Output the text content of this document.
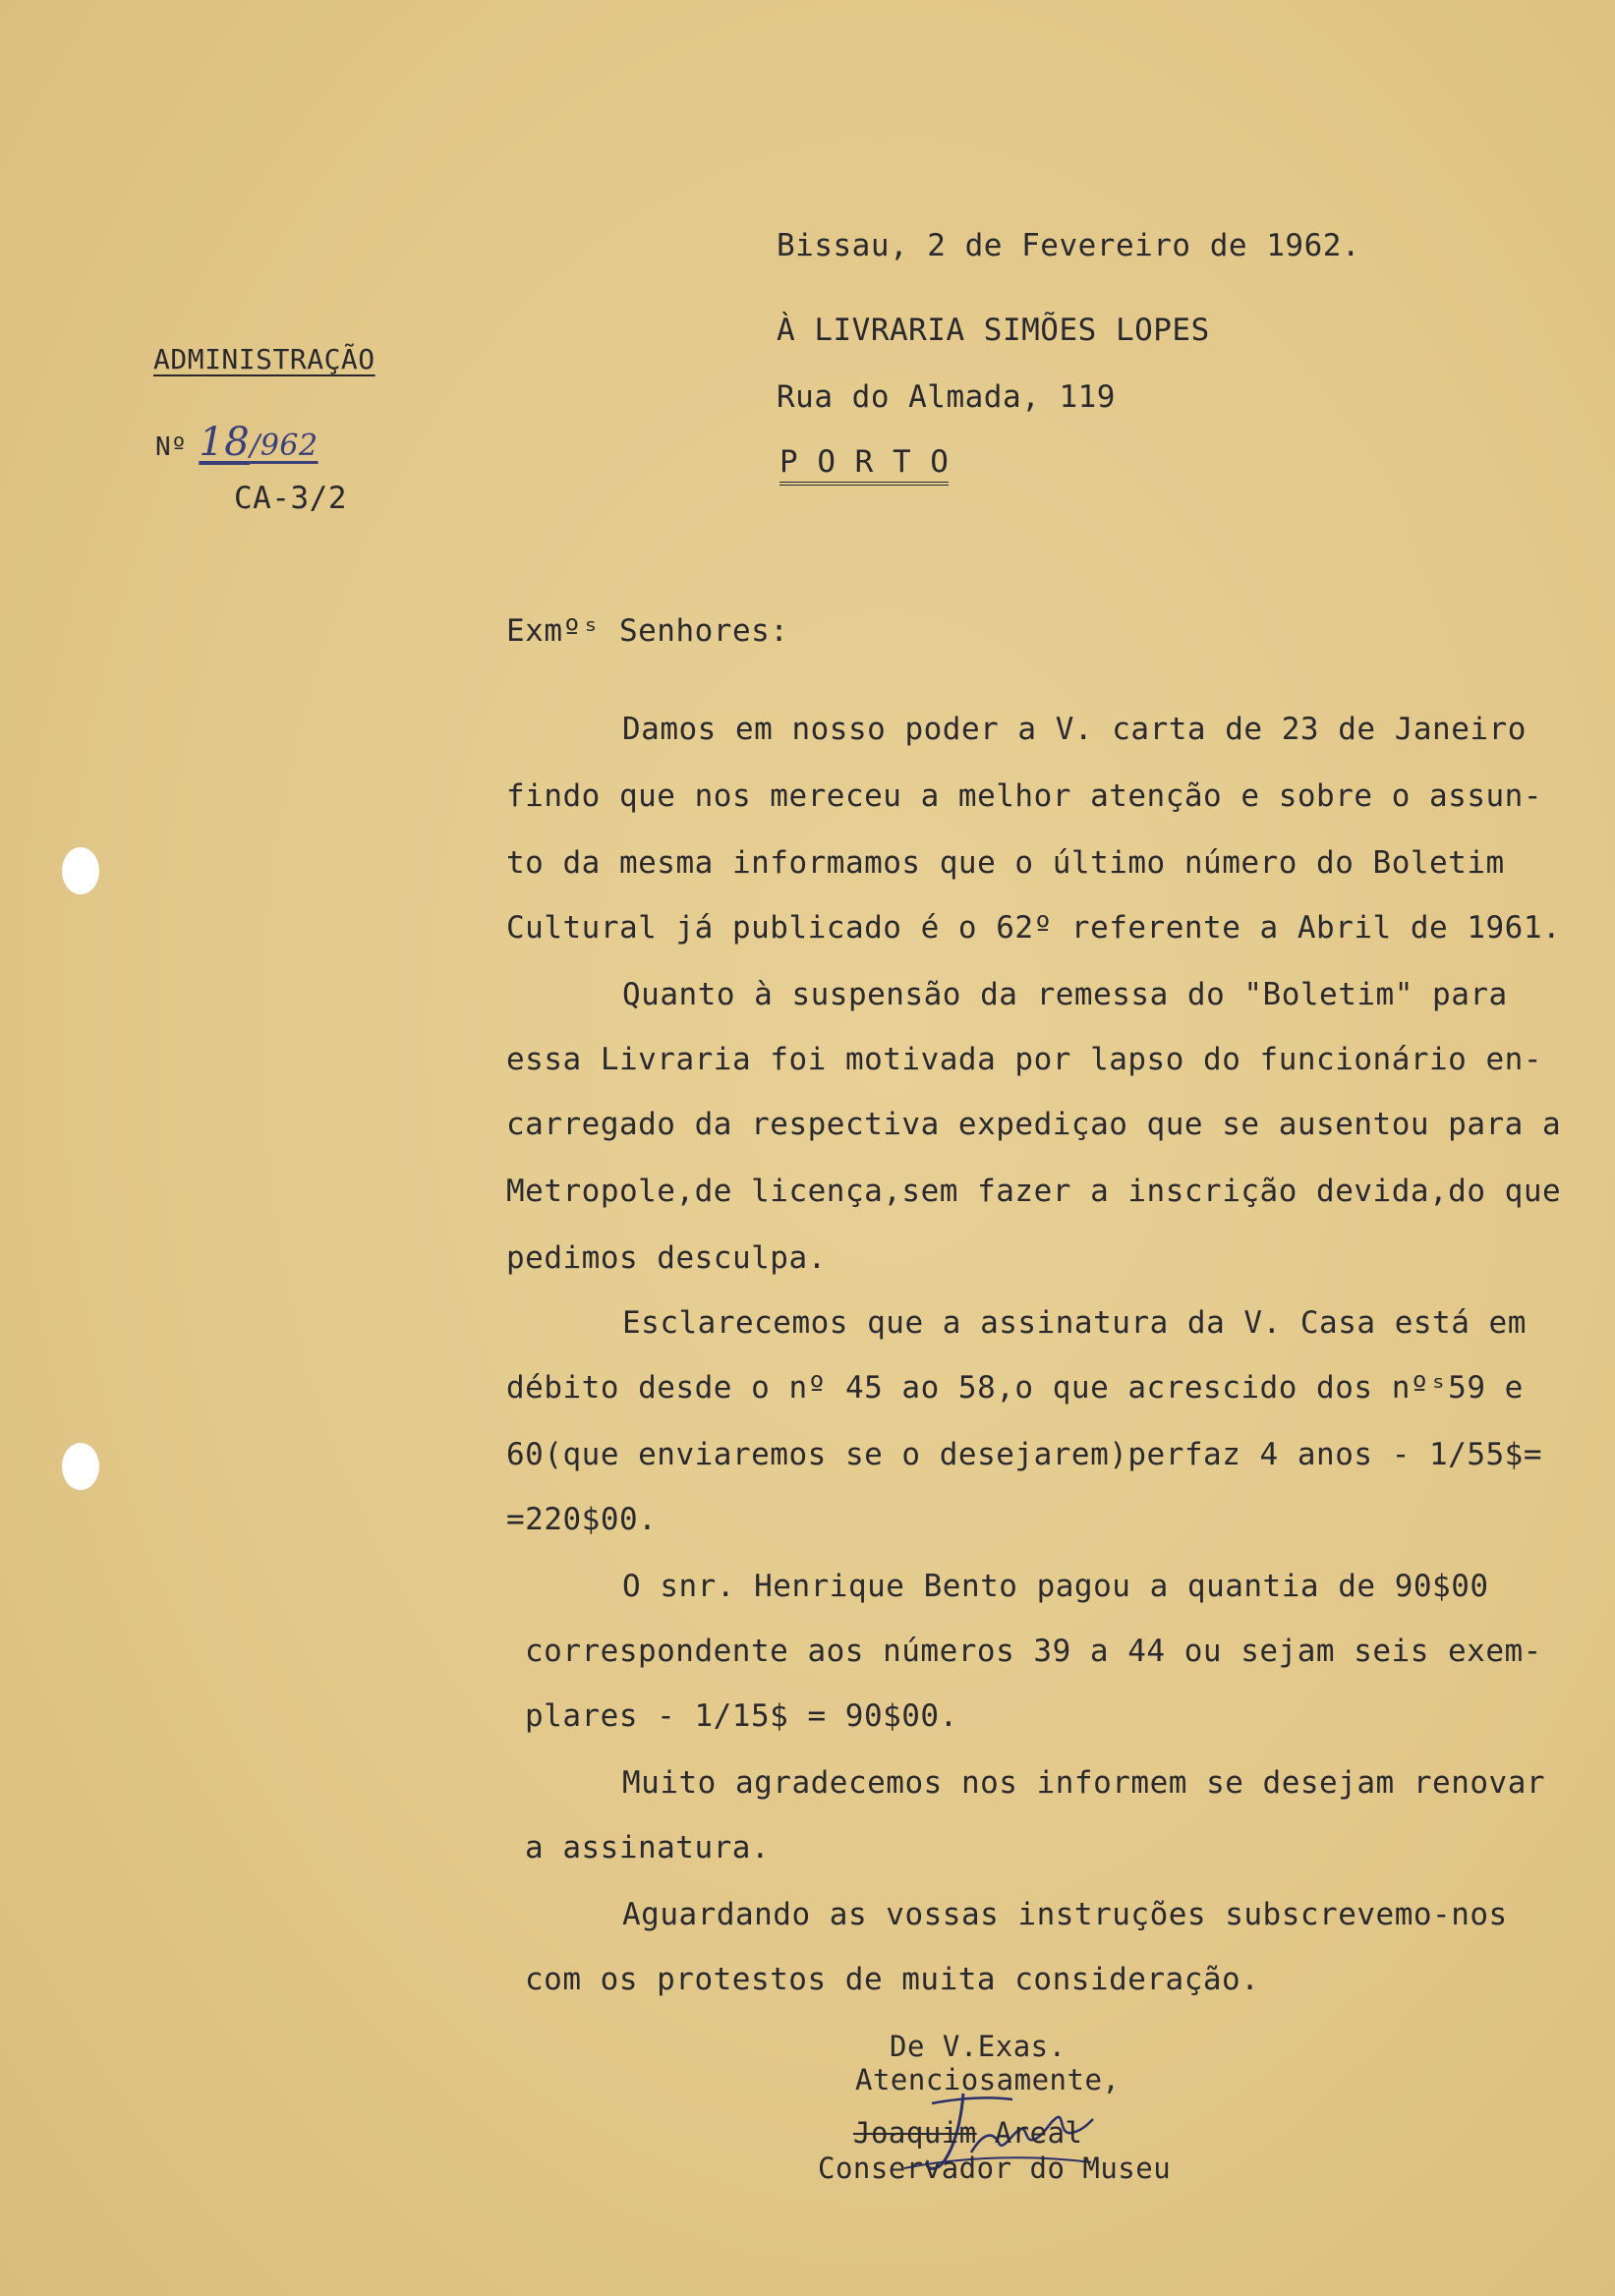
Bissau, 2 de Fevereiro de 1962.
À LIVRARIA SIMÕES LOPES
Rua do Almada, 119
P O R T O
ADMINISTRAÇÃO
Nº 18/962
CA-3/2
Exmºˢ Senhores:
Damos em nosso poder a V. carta de 23 de Janeiro
findo que nos mereceu a melhor atenção e sobre o assun-
to da mesma informamos que o último número do Boletim
Cultural já publicado é o 62º referente a Abril de 1961.
Quanto à suspensão da remessa do "Boletim" para
essa Livraria foi motivada por lapso do funcionário en-
carregado da respectiva expediçao que se ausentou para a
Metropole,de licença,sem fazer a inscrição devida,do que
pedimos desculpa.
Esclarecemos que a assinatura da V. Casa está em
débito desde o nº 45 ao 58,o que acrescido dos nºˢ59 e
60(que enviaremos se o desejarem)perfaz 4 anos - 1/55$=
=220$00.
O snr. Henrique Bento pagou a quantia de 90$00
correspondente aos números 39 a 44 ou sejam seis exem-
plares - 1/15$ = 90$00.
Muito agradecemos nos informem se desejam renovar
a assinatura.
Aguardando as vossas instruções subscrevemo-nos
com os protestos de muita consideração.
De V.Exas.
Atenciosamente,
Joaquim Areal
Conservador do Museu
